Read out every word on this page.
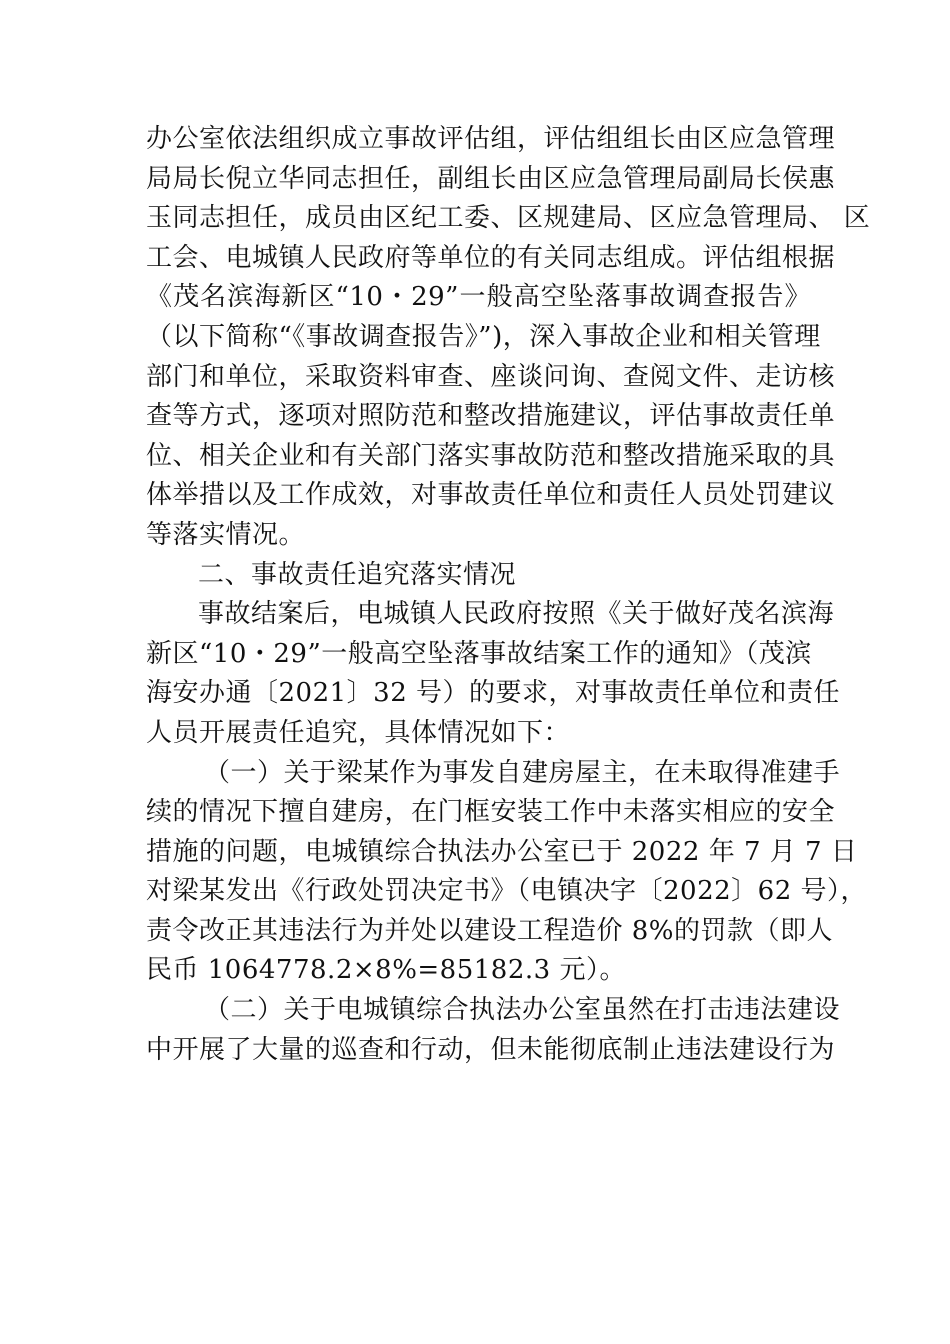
办公室依法组织成立事故评估组，评估组组长由区应急管理
局局长倪立华同志担任，副组长由区应急管理局副局长侯惠
玉同志担任，成员由区纪工委、区规建局、区应急管理局、 区
工会、电城镇人民政府等单位的有关同志组成。评估组根据
《茂名滨海新区“10・29”一般高空坠落事故调查报告》
（以下简称“《事故调查报告》”)，深入事故企业和相关管理
部门和单位，采取资料审查、座谈问询、查阅文件、走访核
查等方式，逐项对照防范和整改措施建议，评估事故责任单
位、相关企业和有关部门落实事故防范和整改措施采取的具
体举措以及工作成效，对事故责任单位和责任人员处罚建议
等落实情况。
二、事故责任追究落实情况
事故结案后，电城镇人民政府按照《关于做好茂名滨海
新区“10・29”一般高空坠落事故结案工作的通知》（茂滨
海安办通〔2021〕32 号）的要求，对事故责任单位和责任
人员开展责任追究，具体情况如下：
（一）关于梁某作为事发自建房屋主，在未取得准建手
续的情况下擅自建房，在门框安装工作中未落实相应的安全
措施的问题，电城镇综合执法办公室已于 2022 年 7 月 7 日
对梁某发出《行政处罚决定书》（电镇决字〔2022〕62 号），
责令改正其违法行为并处以建设工程造价 8%的罚款（即人
民币 1064778.2×8%=85182.3 元）。
（二）关于电城镇综合执法办公室虽然在打击违法建设
中开展了大量的巡查和行动，但未能彻底制止违法建设行为
